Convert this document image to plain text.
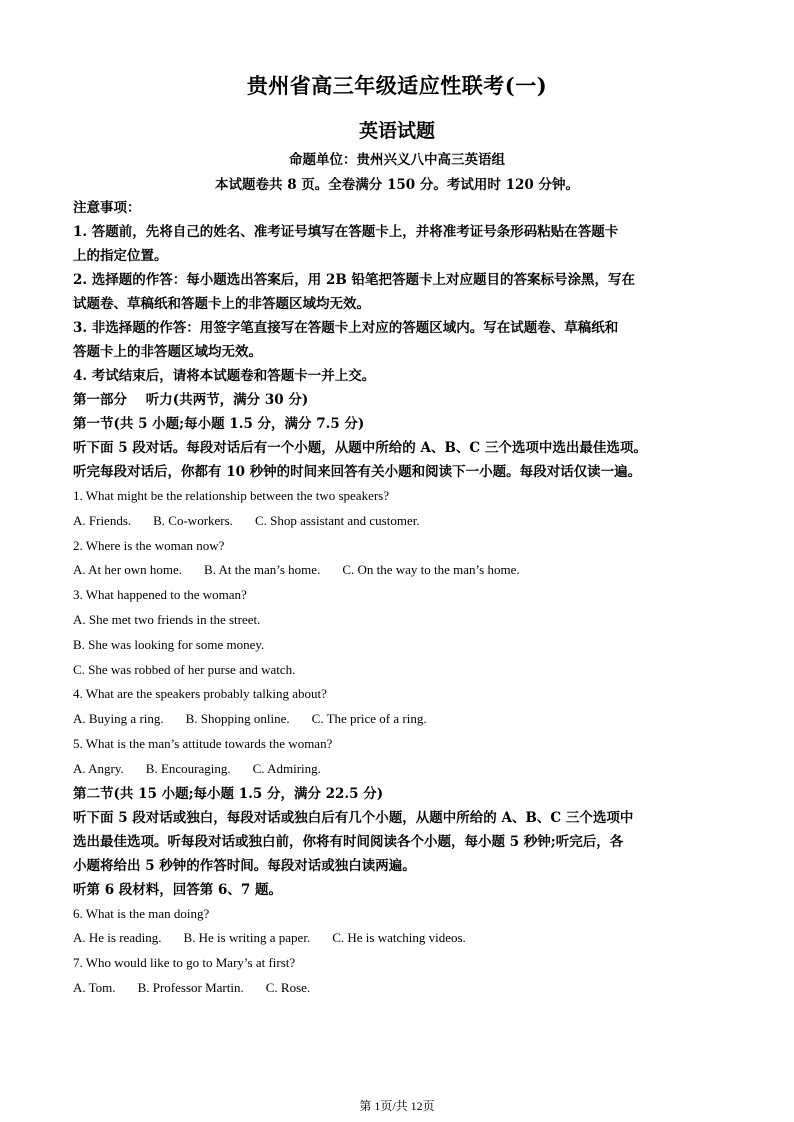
贵州省高三年级适应性联考(一)
英语试题
命题单位：贵州兴义八中高三英语组
本试题卷共 8 页。全卷满分 150 分。考试用时 120 分钟。
注意事项：
1. 答题前，先将自己的姓名、准考证号填写在答题卡上，并将准考证号条形码粘贴在答题卡
上的指定位置。
2. 选择题的作答：每小题选出答案后，用 2B 铅笔把答题卡上对应题目的答案标号涂黑，写在
试题卷、草稿纸和答题卡上的非答题区域均无效。
3. 非选择题的作答：用签字笔直接写在答题卡上对应的答题区域内。写在试题卷、草稿纸和
答题卡上的非答题区域均无效。
4. 考试结束后，请将本试题卷和答题卡一并上交。
第一部分    听力(共两节，满分 30 分)
第一节(共 5 小题;每小题 1.5 分，满分 7.5 分)
听下面 5 段对话。每段对话后有一个小题，从题中所给的 A、B、C 三个选项中选出最佳选项。
听完每段对话后，你都有 10 秒钟的时间来回答有关小题和阅读下一小题。每段对话仅读一遍。
1. What might be the relationship between the two speakers?
A. Friends. B. Co-workers. C. Shop assistant and customer.
2. Where is the woman now?
A. At her own home. B. At the man’s home. C. On the way to the man’s home.
3. What happened to the woman?
A. She met two friends in the street.
B. She was looking for some money.
C. She was robbed of her purse and watch.
4. What are the speakers probably talking about?
A. Buying a ring. B. Shopping online. C. The price of a ring.
5. What is the man’s attitude towards the woman?
A. Angry. B. Encouraging. C. Admiring.
第二节(共 15 小题;每小题 1.5 分，满分 22.5 分)
听下面 5 段对话或独白，每段对话或独白后有几个小题，从题中所给的 A、B、C 三个选项中
选出最佳选项。听每段对话或独白前，你将有时间阅读各个小题，每小题 5 秒钟;听完后，各
小题将给出 5 秒钟的作答时间。每段对话或独白读两遍。
听第 6 段材料，回答第 6、7 题。
6. What is the man doing?
A. He is reading. B. He is writing a paper. C. He is watching videos.
7. Who would like to go to Mary’s at first?
A. Tom. B. Professor Martin. C. Rose.
第 1页/共 12页
